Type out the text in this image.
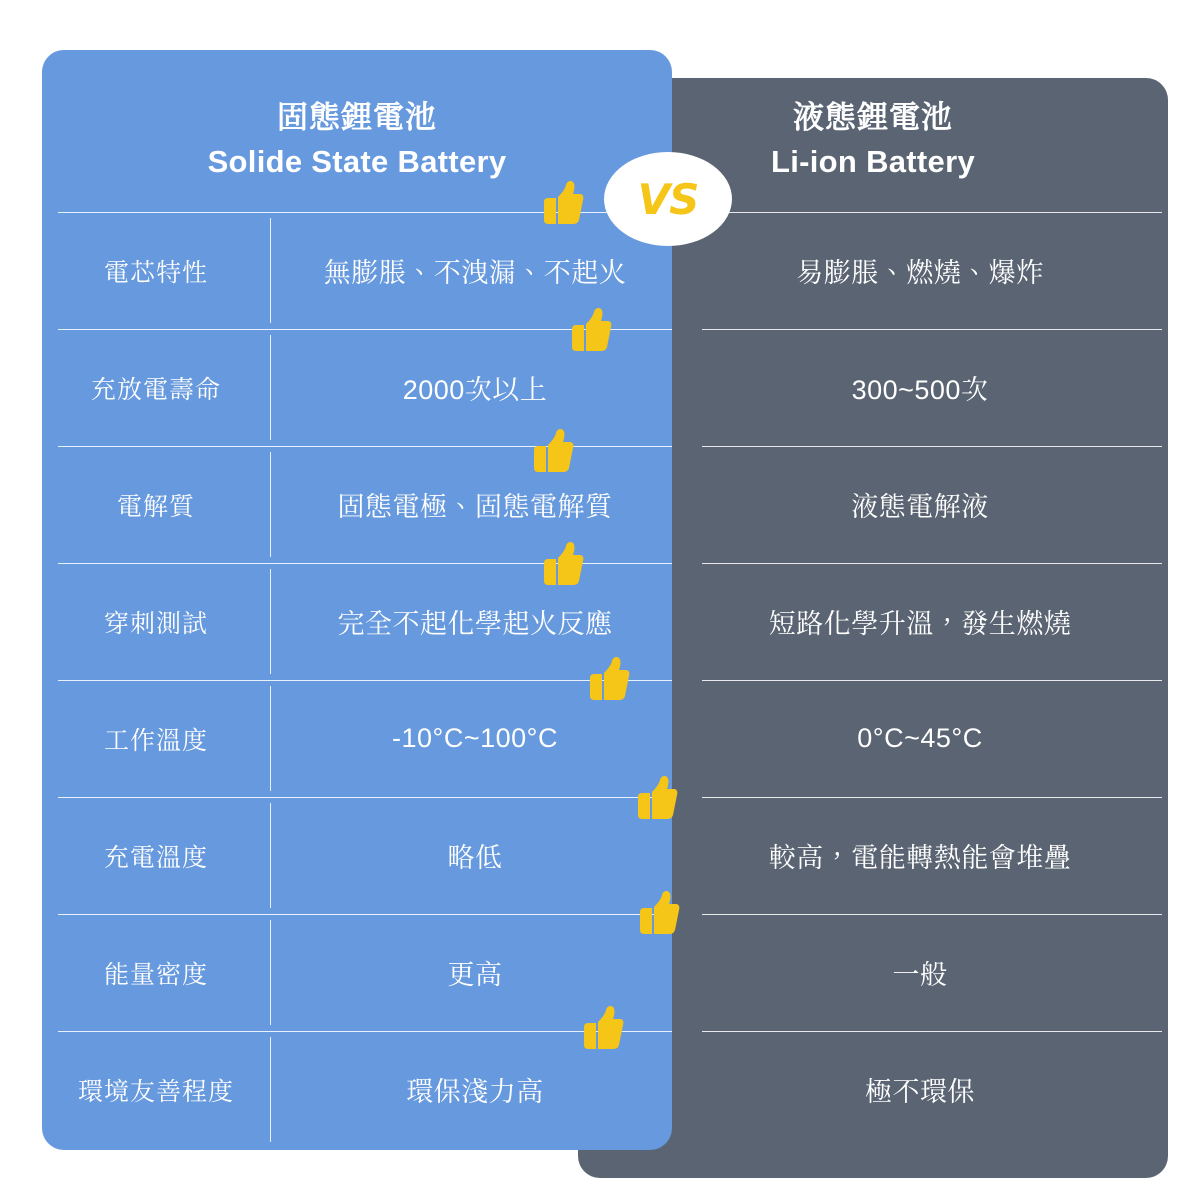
固態鋰電池
Solide State Battery
液態鋰電池
Li-ion Battery
VS
電芯特性	無膨脹、不洩漏、不起火	易膨脹、燃燒、爆炸
充放電壽命	2000次以上	300~500次
電解質	固態電極、固態電解質	液態電解液
穿刺測試	完全不起化學起火反應	短路化學升溫，發生燃燒
工作溫度	-10°C~100°C	0°C~45°C
充電溫度	略低	較高，電能轉熱能會堆疊
能量密度	更高	一般
環境友善程度	環保淺力高	極不環保
